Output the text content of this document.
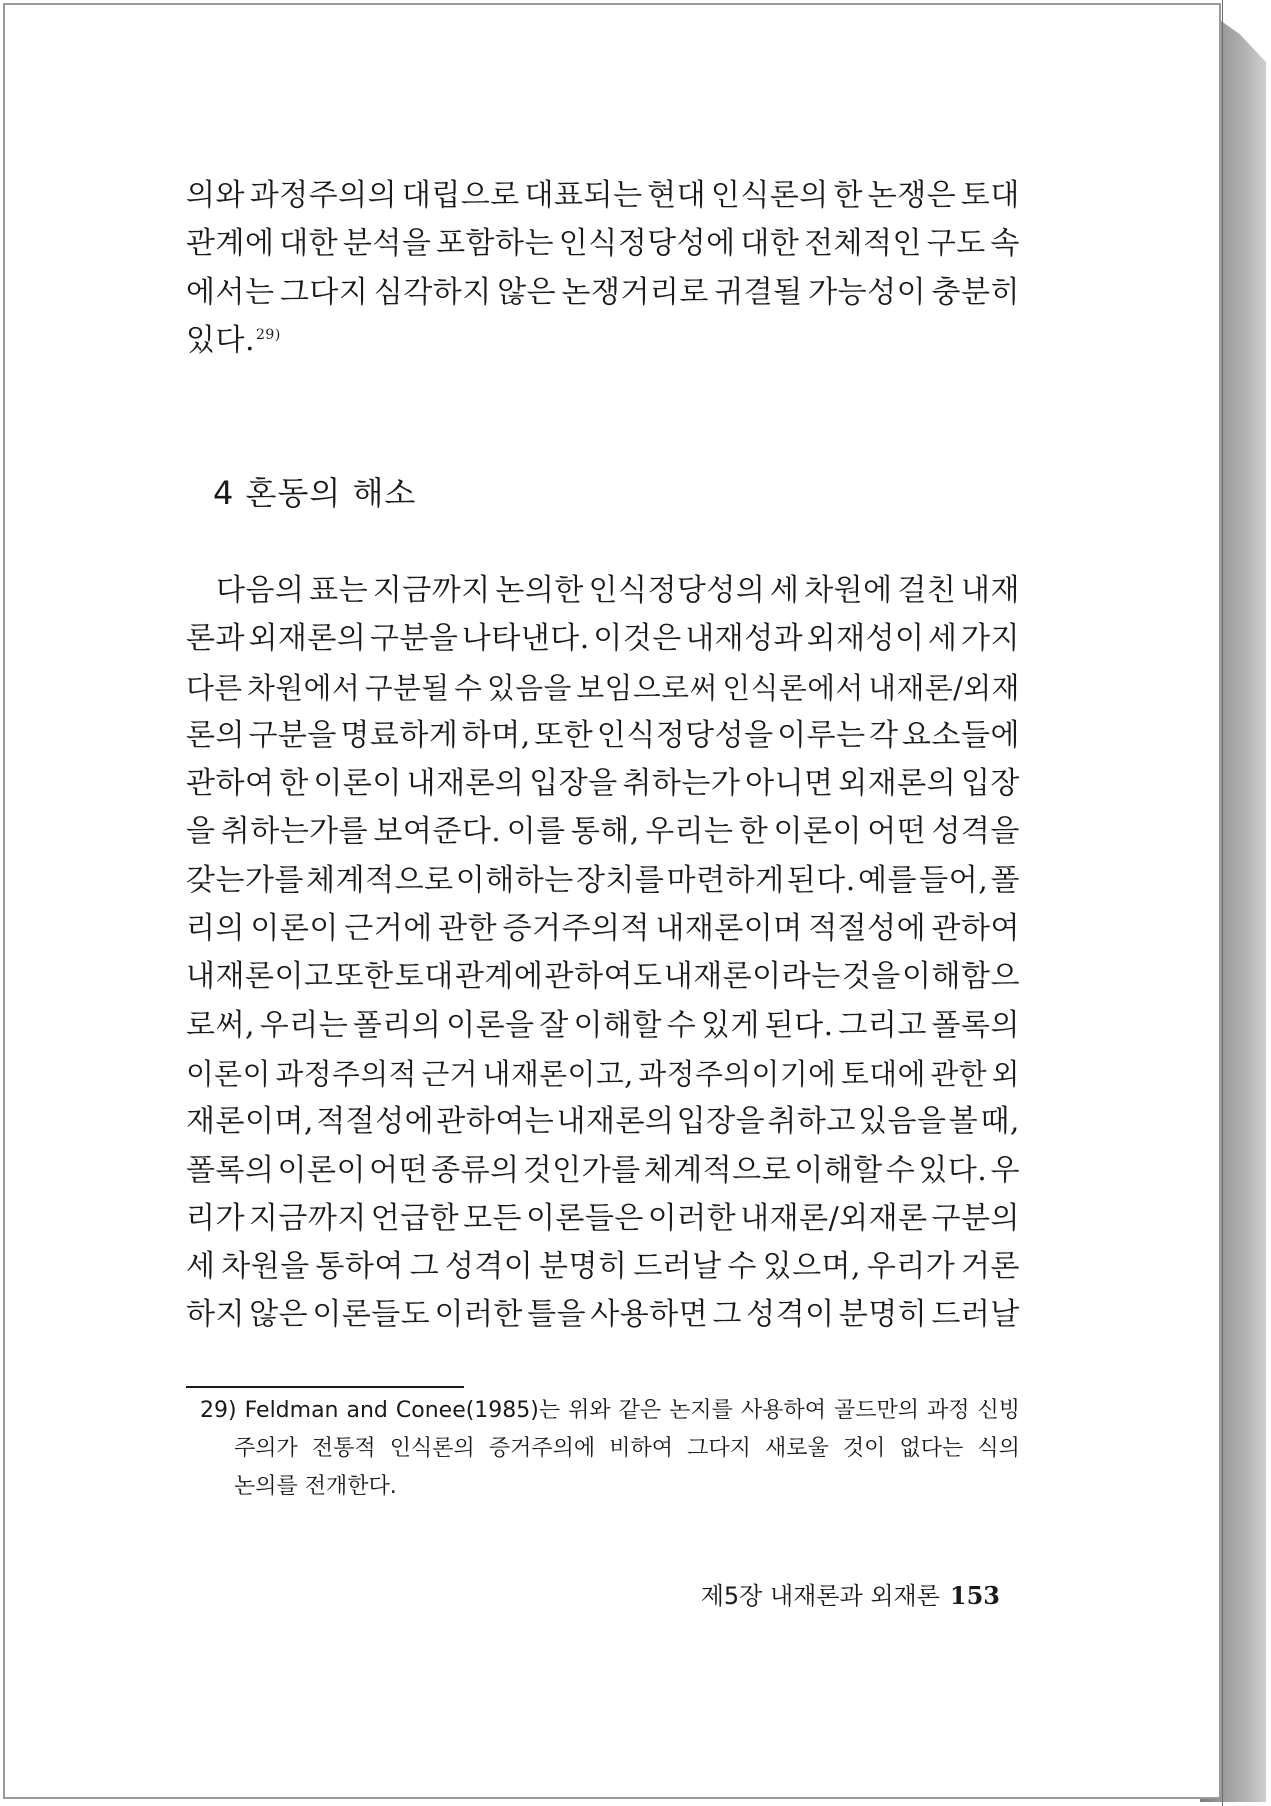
의와 과정주의의 대립으로 대표되는 현대 인식론의 한 논쟁은 토대
관계에 대한 분석을 포함하는 인식정당성에 대한 전체적인 구도 속
에서는 그다지 심각하지 않은 논쟁거리로 귀결될 가능성이 충분히
있다. 29)
4 혼동의 해소
다음의 표는 지금까지 논의한 인식정당성의 세 차원에 걸친 내재
론과 외재론의 구분을 나타낸다. 이것은 내재성과 외재성이 세 가지
다른 차원에서 구분될 수 있음을 보임으로써 인식론에서 내재론/외재
론의 구분을 명료하게 하며, 또한 인식정당성을 이루는 각 요소들에
관하여 한 이론이 내재론의 입장을 취하는가 아니면 외재론의 입장
을 취하는가를 보여준다. 이를 통해, 우리는 한 이론이 어떤 성격을
갖는가를 체계적으로 이해하는 장치를 마련하게 된다. 예를 들어, 폴
리의 이론이 근거에 관한 증거주의적 내재론이며 적절성에 관하여
내재론이고 또한 토대 관계에 관하여도 내재론이라는 것을 이해함으
로써, 우리는 폴리의 이론을 잘 이해할 수 있게 된다. 그리고 폴록의
이론이 과정주의적 근거 내재론이고, 과정주의이기에 토대에 관한 외
재론이며, 적절성에 관하여는 내재론의 입장을 취하고 있음을 볼 때,
폴록의 이론이 어떤 종류의 것인가를 체계적으로 이해할 수 있다. 우
리가 지금까지 언급한 모든 이론들은 이러한 내재론/외재론 구분의
세 차원을 통하여 그 성격이 분명히 드러날 수 있으며, 우리가 거론
하지 않은 이론들도 이러한 틀을 사용하면 그 성격이 분명히 드러날
29) Feldman and Conee(1985)는 위와 같은 논지를 사용하여 골드만의 과정 신빙
주의가 전통적 인식론의 증거주의에 비하여 그다지 새로울 것이 없다는 식의
논의를 전개한다.
제5장 내재론과 외재론 153
